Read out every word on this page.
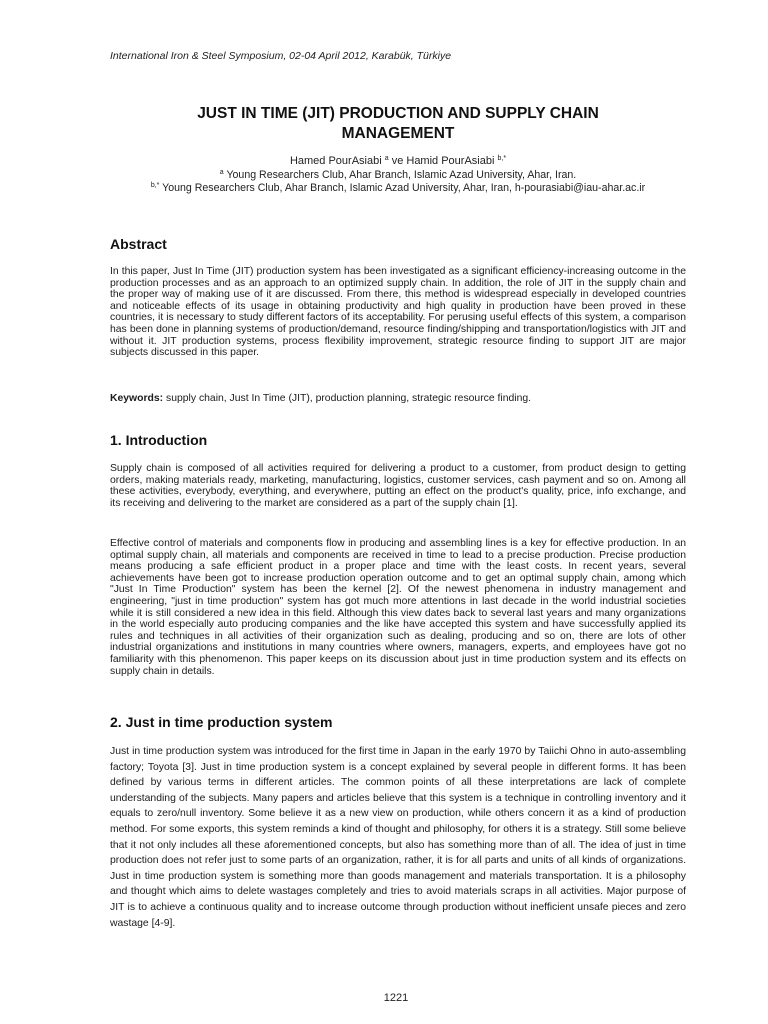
International Iron & Steel Symposium, 02-04 April 2012, Karabük, Türkiye
JUST IN TIME (JIT) PRODUCTION AND SUPPLY CHAIN
MANAGEMENT
Hamed PourAsiabi $^a$ ve Hamid PourAsiabi $^{b,*}$
$^a$ Young Researchers Club, Ahar Branch, Islamic Azad University, Ahar, Iran.
$^{b,*}$ Young Researchers Club, Ahar Branch, Islamic Azad University, Ahar, Iran, h-pourasiabi@iau-ahar.ac.ir
Abstract

In this paper, Just In Time (JIT) production system has been investigated as a significant efficiency-increasing outcome in the production processes and as an approach to an optimized supply chain. In addition, the role of JIT in the supply chain and the proper way of making use of it are discussed. From there, this method is widespread especially in developed countries and noticeable effects of its usage in obtaining productivity and high quality in production have been proved in these countries, it is necessary to study different factors of its acceptability. For perusing useful effects of this system, a comparison has been done in planning systems of production/demand, resource finding/shipping and transportation/logistics with JIT and without it. JIT production systems, process flexibility improvement, strategic resource finding to support JIT are major subjects discussed in this paper.

Keywords: supply chain, Just In Time (JIT), production planning, strategic resource finding.

1. Introduction

Supply chain is composed of all activities required for delivering a product to a customer, from product design to getting orders, making materials ready, marketing, manufacturing, logistics, customer services, cash payment and so on. Among all these activities, everybody, everything, and everywhere, putting an effect on the product's quality, price, info exchange, and its receiving and delivering to the market are considered as a part of the supply chain [1].

Effective control of materials and components flow in producing and assembling lines is a key for effective production. In an optimal supply chain, all materials and components are received in time to lead to a precise production. Precise production means producing a safe efficient product in a proper place and time with the least costs. In recent years, several achievements have been got to increase production operation outcome and to get an optimal supply chain, among which "Just In Time Production" system has been the kernel [2]. Of the newest phenomena in industry management and engineering, "just in time production" system has got much more attentions in last decade in the world industrial societies while it is still considered a new idea in this field. Although this view dates back to several last years and many organizations in the world especially auto producing companies and the like have accepted this system and have successfully applied its rules and techniques in all activities of their organization such as dealing, producing and so on, there are lots of other industrial organizations and institutions in many countries where owners, managers, experts, and employees have got no familiarity with this phenomenon. This paper keeps on its discussion about just in time production system and its effects on supply chain in details.

2. Just in time production system

Just in time production system was introduced for the first time in Japan in the early 1970 by Taiichi Ohno in auto-assembling factory; Toyota [3]. Just in time production system is a concept explained by several people in different forms. It has been defined by various terms in different articles. The common points of all these interpretations are lack of complete understanding of the subjects. Many papers and articles believe that this system is a technique in controlling inventory and it equals to zero/null inventory. Some believe it as a new view on production, while others concern it as a kind of production method. For some exports, this system reminds a kind of thought and philosophy, for others it is a strategy. Still some believe that it not only includes all these aforementioned concepts, but also has something more than of all. The idea of just in time production does not refer just to some parts of an organization, rather, it is for all parts and units of all kinds of organizations. Just in time production system is something more than goods management and materials transportation. It is a philosophy and thought which aims to delete wastages completely and tries to avoid materials scraps in all activities. Major purpose of JIT is to achieve a continuous quality and to increase outcome through production without inefficient unsafe pieces and zero wastage [4-9].

1221
